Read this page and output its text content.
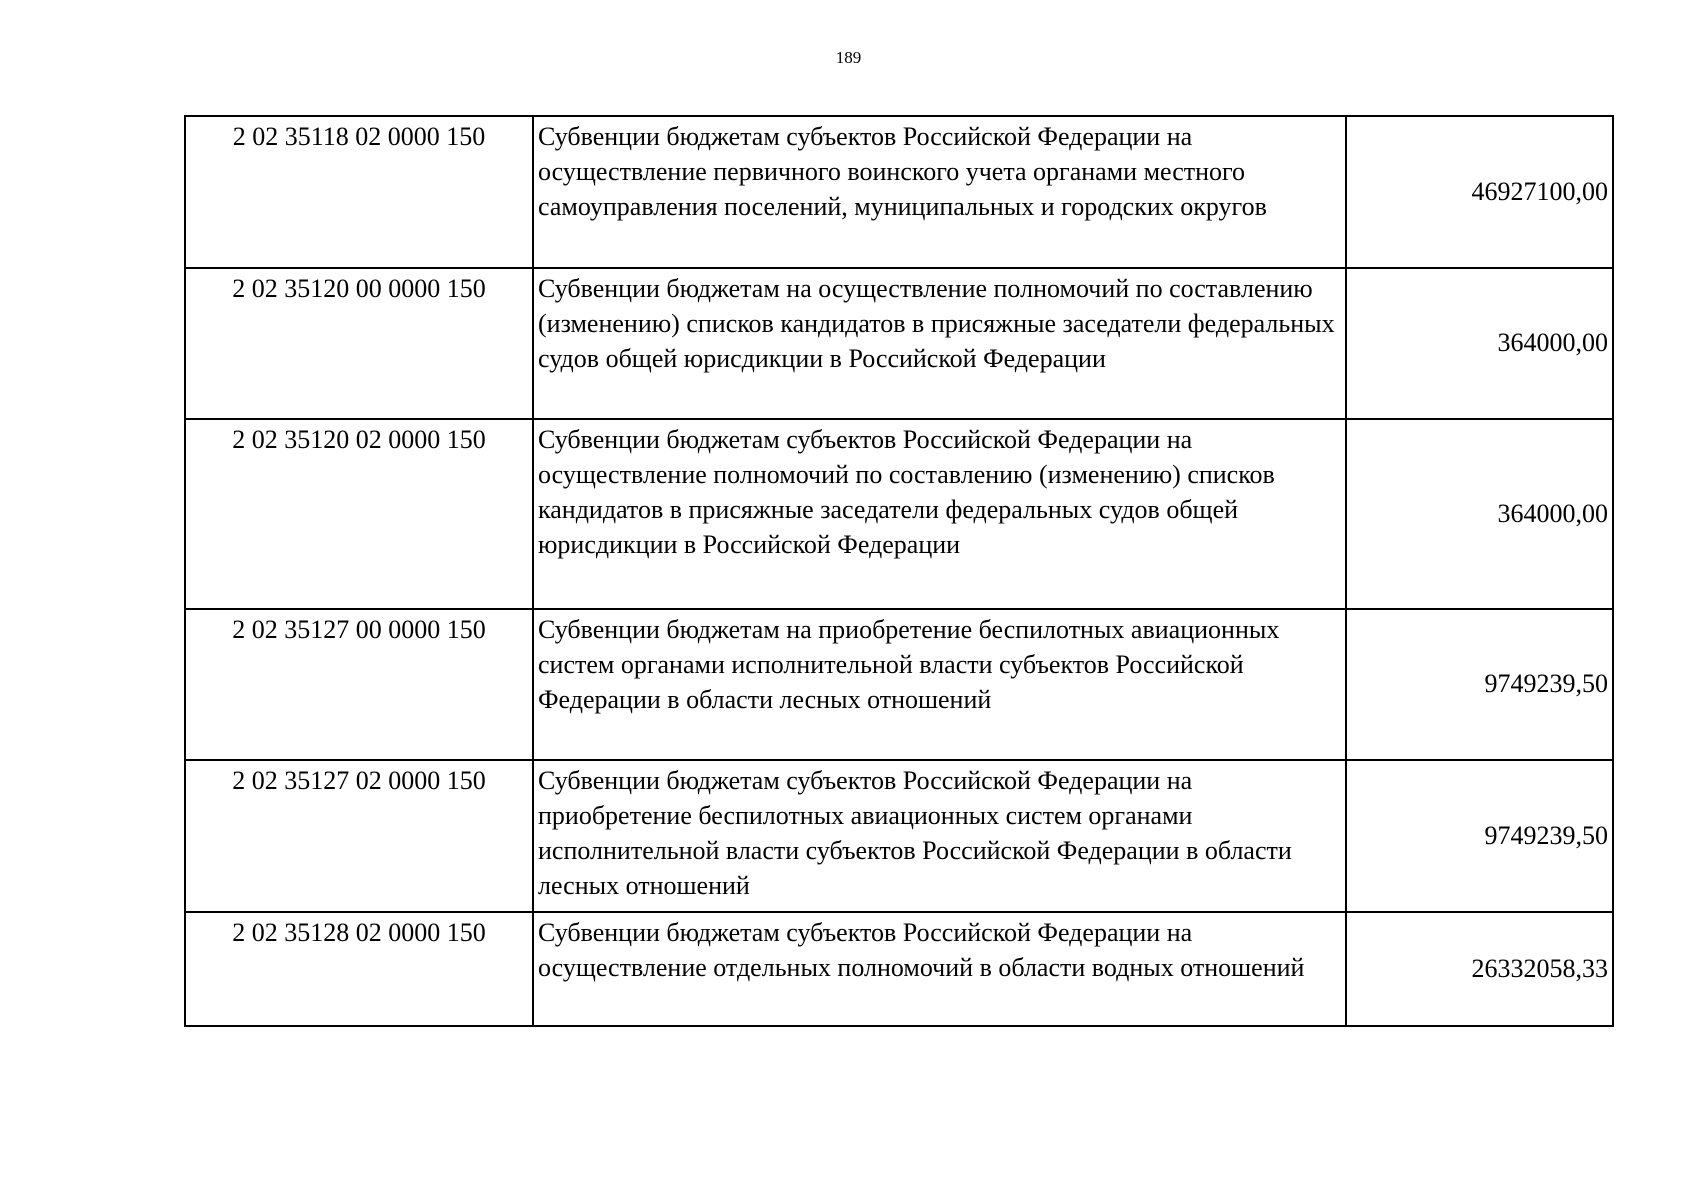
189
2 02 35118 02 0000 150	Субвенции бюджетам субъектов Российской Федерации на осуществление первичного воинского учета органами местного самоуправления поселений, муниципальных и городских округов	46927100,00
2 02 35120 00 0000 150	Субвенции бюджетам на осуществление полномочий по составлению (изменению) списков кандидатов в присяжные заседатели федеральных судов общей юрисдикции в Российской Федерации	364000,00
2 02 35120 02 0000 150	Субвенции бюджетам субъектов Российской Федерации на осуществление полномочий по составлению (изменению) списков кандидатов в присяжные заседатели федеральных судов общей юрисдикции в Российской Федерации	364000,00
2 02 35127 00 0000 150	Субвенции бюджетам на приобретение беспилотных авиационных систем органами исполнительной власти субъектов Российской Федерации в области лесных отношений	9749239,50
2 02 35127 02 0000 150	Субвенции бюджетам субъектов Российской Федерации на приобретение беспилотных авиационных систем органами исполнительной власти субъектов Российской Федерации в области лесных отношений	9749239,50
2 02 35128 02 0000 150	Субвенции бюджетам субъектов Российской Федерации на осуществление отдельных полномочий в области водных отношений	26332058,33
